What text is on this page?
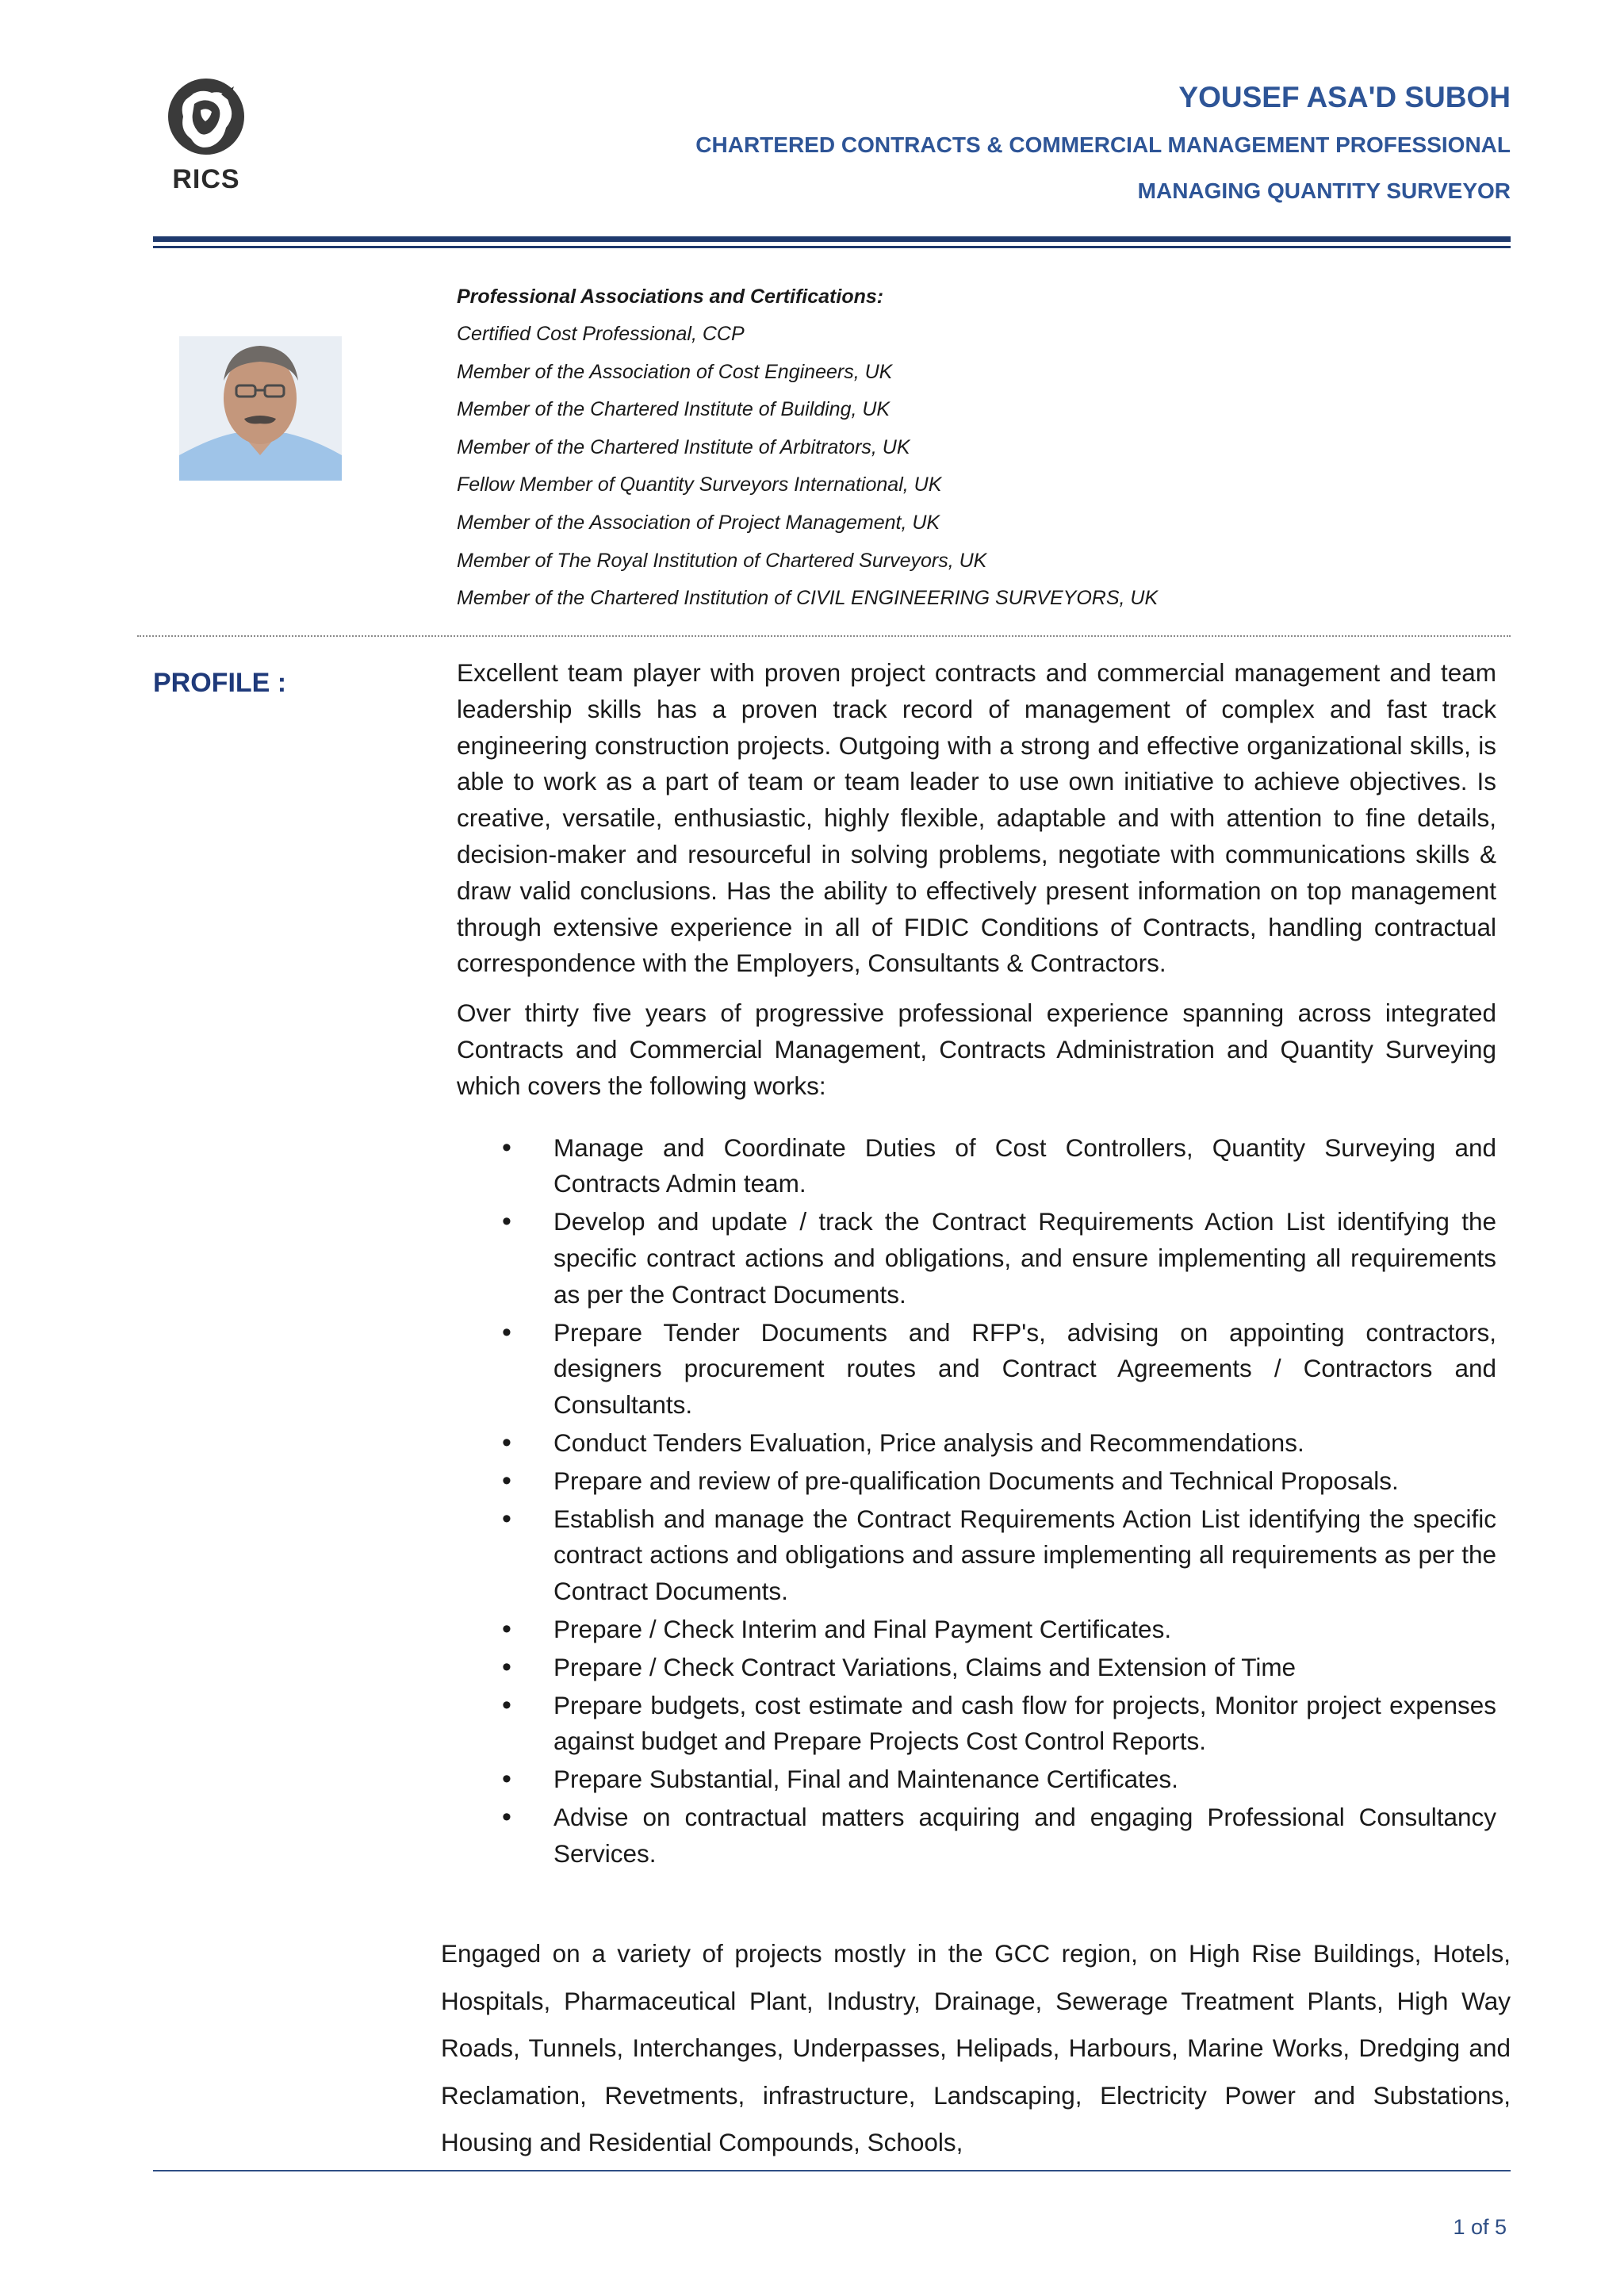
RICS
YOUSEF ASA'D SUBOH
CHARTERED CONTRACTS & COMMERCIAL MANAGEMENT PROFESSIONAL
MANAGING QUANTITY SURVEYOR
Professional Associations and Certifications:
Certified Cost Professional, CCP
Member of the Association of Cost Engineers, UK
Member of the Chartered Institute of Building, UK
Member of the Chartered Institute of Arbitrators, UK
Fellow Member of Quantity Surveyors International, UK
Member of the Association of Project Management, UK
Member of The Royal Institution of Chartered Surveyors, UK
Member of the Chartered Institution of CIVIL ENGINEERING SURVEYORS, UK
PROFILE :	Excellent team player with proven project contracts and commercial management and team leadership skills has a proven track record of management of complex and fast track engineering construction projects. Outgoing with a strong and effective organizational skills, is able to work as a part of team or team leader to use own initiative to achieve objectives. Is creative, versatile, enthusiastic, highly flexible, adaptable and with attention to fine details, decision-maker and resourceful in solving problems, negotiate with communications skills & draw valid conclusions. Has the ability to effectively present information on top management through extensive experience in all of FIDIC Conditions of Contracts, handling contractual correspondence with the Employers, Consultants & Contractors.

Over thirty five years of progressive professional experience spanning across integrated Contracts and Commercial Management, Contracts Administration and Quantity Surveying which covers the following works:

• Manage and Coordinate Duties of Cost Controllers, Quantity Surveying and Contracts Admin team.
• Develop and update / track the Contract Requirements Action List identifying the specific contract actions and obligations, and ensure implementing all requirements as per the Contract Documents.
• Prepare Tender Documents and RFP's, advising on appointing contractors, designers procurement routes and Contract Agreements / Contractors and Consultants.
• Conduct Tenders Evaluation, Price analysis and Recommendations.
• Prepare and review of pre-qualification Documents and Technical Proposals.
• Establish and manage the Contract Requirements Action List identifying the specific contract actions and obligations and assure implementing all requirements as per the Contract Documents.
• Prepare / Check Interim and Final Payment Certificates.
• Prepare / Check Contract Variations, Claims and Extension of Time
• Prepare budgets, cost estimate and cash flow for projects, Monitor project expenses against budget and Prepare Projects Cost Control Reports.
• Prepare Substantial, Final and Maintenance Certificates.
• Advise on contractual matters acquiring and engaging Professional Consultancy Services.

Engaged on a variety of projects mostly in the GCC region, on High Rise Buildings, Hotels, Hospitals, Pharmaceutical Plant, Industry, Drainage, Sewerage Treatment Plants, High Way Roads, Tunnels, Interchanges, Underpasses, Helipads, Harbours, Marine Works, Dredging and Reclamation, Revetments, infrastructure, Landscaping, Electricity Power and Substations, Housing and Residential Compounds, Schools,

1 of 5
